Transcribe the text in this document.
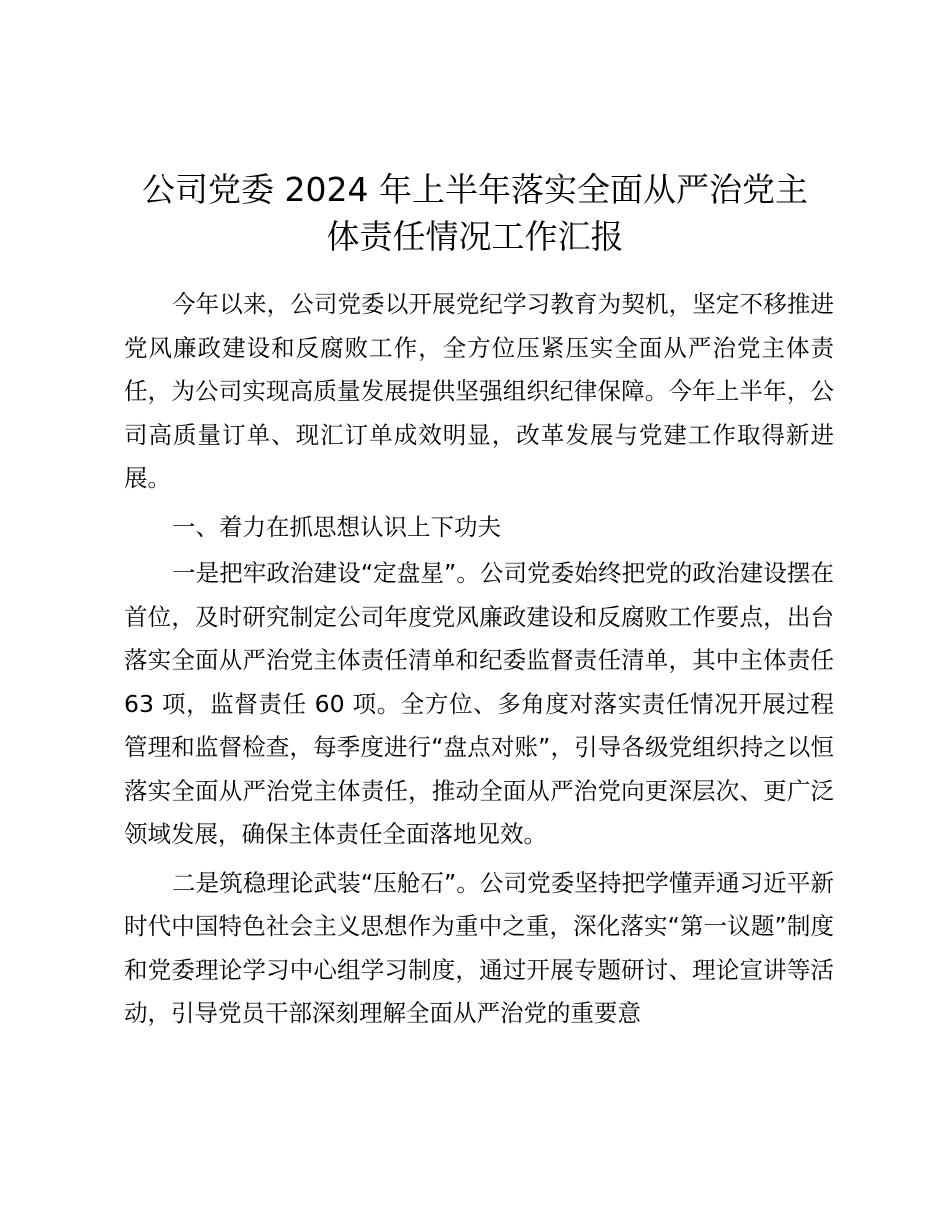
公司党委 2024 年上半年落实全面从严治党主
体责任情况工作汇报

今年以来，公司党委以开展党纪学习教育为契机，坚定不移推进党风廉政建设和反腐败工作，全方位压紧压实全面从严治党主体责任，为公司实现高质量发展提供坚强组织纪律保障。今年上半年，公司高质量订单、现汇订单成效明显，改革发展与党建工作取得新进展。

一、着力在抓思想认识上下功夫

一是把牢政治建设“定盘星”。公司党委始终把党的政治建设摆在首位，及时研究制定公司年度党风廉政建设和反腐败工作要点，出台落实全面从严治党主体责任清单和纪委监督责任清单，其中主体责任 63 项，监督责任 60 项。全方位、多角度对落实责任情况开展过程管理和监督检查，每季度进行“盘点对账”，引导各级党组织持之以恒落实全面从严治党主体责任，推动全面从严治党向更深层次、更广泛领域发展，确保主体责任全面落地见效。

二是筑稳理论武装“压舱石”。公司党委坚持把学懂弄通习近平新时代中国特色社会主义思想作为重中之重，深化落实“第一议题”制度和党委理论学习中心组学习制度，通过开展专题研讨、理论宣讲等活动，引导党员干部深刻理解全面从严治党的重要意
